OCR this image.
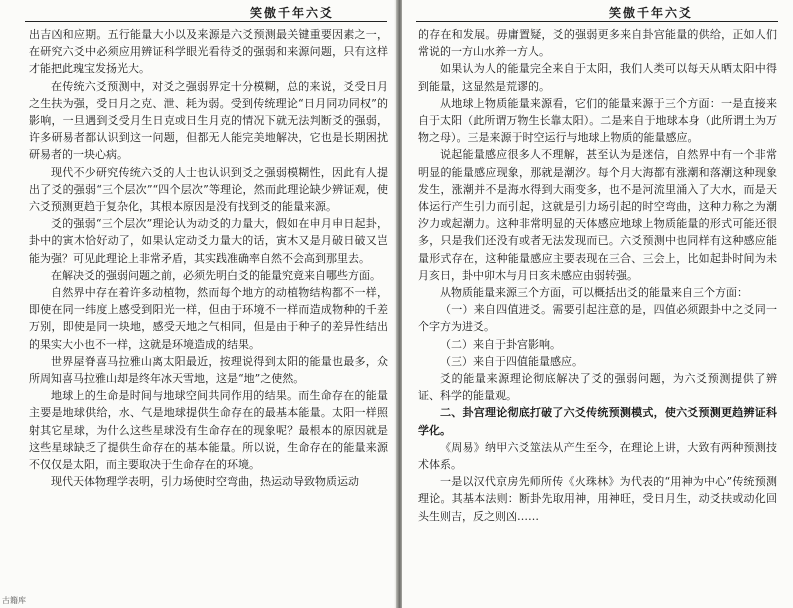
笑傲千年六爻

出吉凶和应期。五行能量大小以及来源是六爻预测最关键重要因素之一，在研究六爻中必须应用辨证科学眼光看待爻的强弱和来源问题，只有这样才能把此瑰宝发扬光大。

在传统六爻预测中，对爻之强弱界定十分模糊，总的来说，爻受日月之生扶为强，受日月之克、泄、耗为弱。受到传统理论“日月同功同权”的影响，一旦遇到爻受月生日克或日生月克的情况下就无法判断爻的强弱，许多研易者都认识到这一问题，但都无人能完美地解决，它也是长期困扰研易者的一块心病。

现代不少研究传统六爻的人士也认识到爻之强弱模糊性，因此有人提出了爻的强弱“三个层次”“四个层次”等理论，然而此理论缺少辨证观，使六爻预测更趋于复杂化，其根本原因是没有找到爻的能量来源。

爻的强弱“三个层次”理论认为动爻的力量大，假如在申月申日起卦，卦中的寅木恰好动了，如果认定动爻力量大的话，寅木又是月破日破又岂能为强？可见此理论上非常矛盾，其实践准确率自然不会高到那里去。

在解决爻的强弱问题之前，必须先明白爻的能量究竟来自哪些方面。

自然界中存在着许多动植物，然而每个地方的动植物结构都不一样，即使在同一纬度上感受到阳光一样，但由于环境不一样而造成物种的千差万别，即使是同一块地，感受天地之气相同，但是由于种子的差异性结出的果实大小也不一样，这就是环境造成的结果。

世界屋脊喜马拉雅山离太阳最近，按理说得到太阳的能量也最多，众所周知喜马拉雅山却是终年冰天雪地，这是“地”之使然。

地球上的生命是时间与地球空间共同作用的结果。而生命存在的能量主要是地球供给，水、气是地球提供生命存在的最基本能量。太阳一样照射其它星球，为什么这些星球没有生命存在的现象呢？最根本的原因就是这些星球缺乏了提供生命存在的基本能量。所以说，生命存在的能量来源不仅仅是太阳，而主要取决于生命存在的环境。

现代天体物理学表明，引力场使时空弯曲，热运动导致物质运动

笑傲千年六爻

的存在和发展。毋庸置疑，爻的强弱更多来自卦宫能量的供给，正如人们常说的一方山水养一方人。

如果认为人的能量完全来自于太阳，我们人类可以每天从晒太阳中得到能量，这显然是荒谬的。

从地球上物质能量来源看，它们的能量来源于三个方面：一是直接来自于太阳（此所谓万物生长靠太阳）。二是来自于地球本身（此所谓土为万物之母）。三是来源于时空运行与地球上物质的能量感应。

说起能量感应很多人不理解，甚至认为是迷信，自然界中有一个非常明显的能量感应现象，那就是潮汐。每个月大海都有涨潮和落潮这种现象发生，涨潮并不是海水得到大雨变多，也不是河流里涌入了大水，而是天体运行产生引力而引起，这就是引力场引起的时空弯曲，这种力称之为潮汐力或起潮力。这种非常明显的天体感应地球上物质能量的形式可能还很多，只是我们还没有或者无法发现而已。六爻预测中也同样有这种感应能量形式存在，这种能量感应主要表现在三合、三会上，比如起卦时间为未月亥日，卦中卯木与月日亥未感应由弱转强。

从物质能量来源三个方面，可以概括出爻的能量来自三个方面：

（一）来自四值进爻。需要引起注意的是，四值必须跟卦中之爻同一个字方为进爻。

（二）来自于卦宫影响。

（三）来自于四值能量感应。

爻的能量来源理论彻底解决了爻的强弱问题，为六爻预测提供了辨证、科学的能量观。

二、卦宫理论彻底打破了六爻传统预测模式，使六爻预测更趋辨证科学化。

《周易》纳甲六爻筮法从产生至今，在理论上讲，大致有两种预测技术体系。

一是以汉代京房先师所传《火珠林》为代表的“用神为中心”传统预测理论。其基本法则：断卦先取用神，用神旺，受日月生，动爻扶或动化回头生则吉，反之则凶……

古籍库
